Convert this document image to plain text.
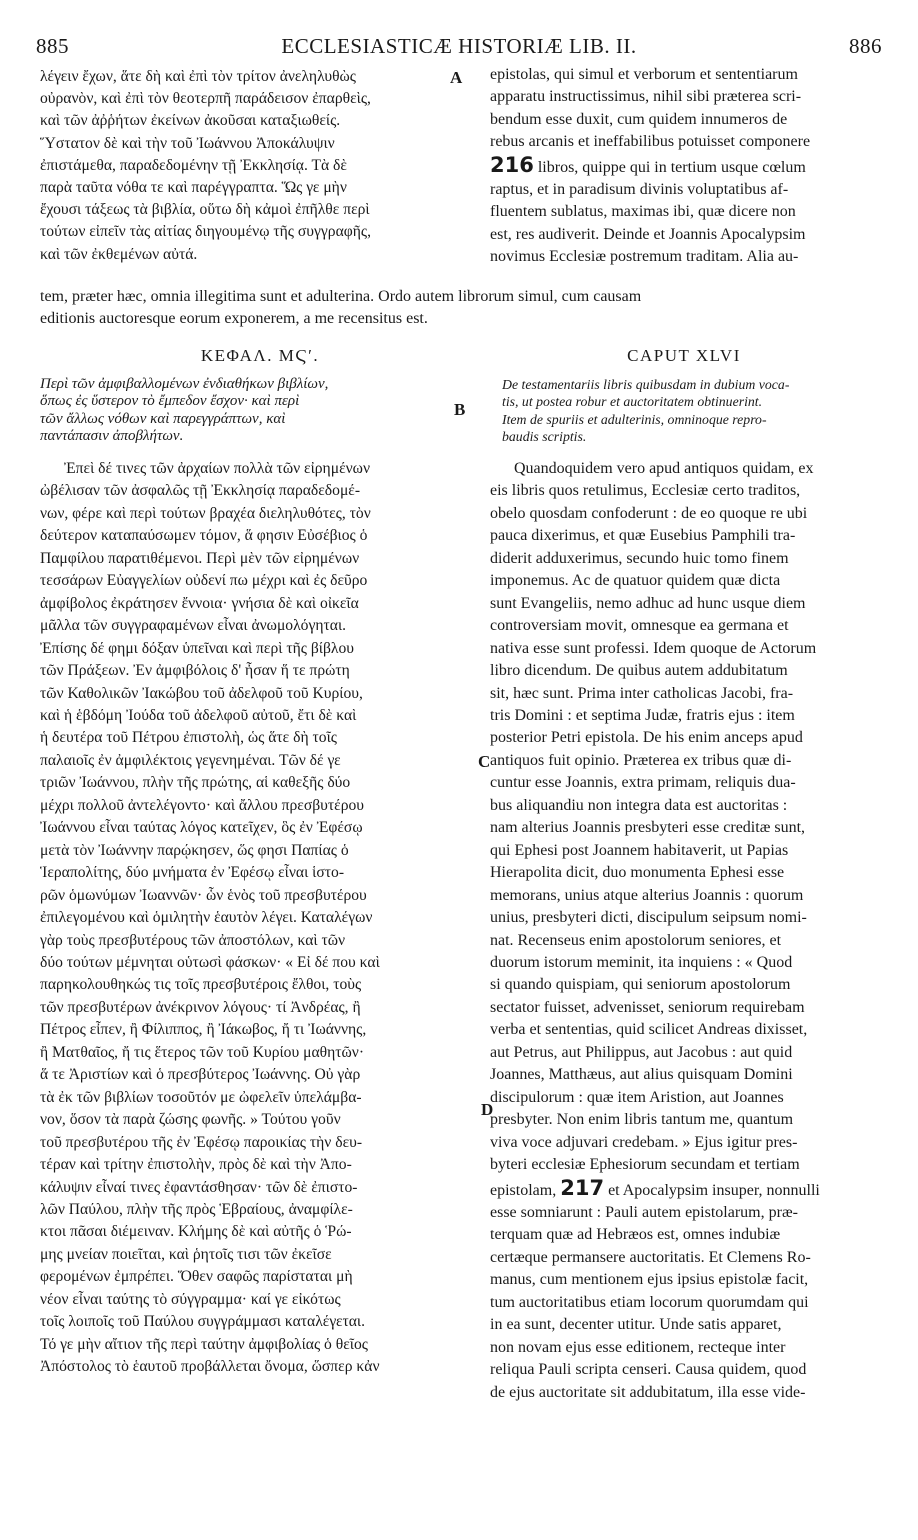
885	ECCLESIASTICÆ HISTORIÆ LIB. II.	886
λέγειν ἔχων, ἅτε δὴ καὶ ἐπὶ τὸν τρίτον ἀνεληλυθὼς
οὐρανὸν, καὶ ἐπὶ τὸν θεοτερπῆ παράδεισον ἐπαρθεὶς,
καὶ τῶν ἀῤῥήτων ἐκείνων ἀκοῦσαι καταξιωθείς.
Ὕστατον δὲ καὶ τὴν τοῦ Ἰωάννου Ἀποκάλυψιν
ἐπιστάμεθα, παραδεδομένην τῇ Ἐκκλησίᾳ. Τὰ δὲ
παρὰ ταῦτα νόθα τε καὶ παρέγγραπτα. Ὥς γε μὴν
ἔχουσι τάξεως τὰ βιβλία, οὕτω δὴ κἀμοὶ ἐπῆλθε περὶ
τούτων εἰπεῖν τὰς αἰτίας διηγουμένῳ τῆς συγγραφῆς,
καὶ τῶν ἐκθεμένων αὐτά.
epistolas, qui simul et verborum et sententiarum
apparatu instructissimus, nihil sibi præterea scri-
bendum esse duxit, cum quidem innumeros de
rebus arcanis et ineffabilibus potuisset componere
216 libros, quippe qui in tertium usque cœlum
raptus, et in paradisum divinis voluptatibus af-
fluentem sublatus, maximas ibi, quæ dicere non
est, res audiverit. Deinde et Joannis Apocalypsim
novimus Ecclesiæ postremum traditam. Alia au-
tem, præter hæc, omnia illegitima sunt et adulterina. Ordo autem librorum simul, cum causam
editionis auctoresque eorum exponerem, a me recensitus est.
A
B
C
D
ΚΕΦΑΛ. ΜϚʹ.	CAPUT XLVI
Περὶ τῶν ἀμφιβαλλομένων ἐνδιαθήκων βιβλίων,
ὅπως ἐς ὕστερον τὸ ἔμπεδον ἔσχον· καὶ περὶ
τῶν ἄλλως νόθων καὶ παρεγγράπτων, καὶ
παντάπασιν ἀποβλήτων.
De testamentariis libris quibusdam in dubium voca-
tis, ut postea robur et auctoritatem obtinuerint.
Item de spuriis et adulterinis, omninoque repro-
baudis scriptis.
Ἐπεὶ δέ τινες τῶν ἀρχαίων πολλὰ τῶν εἰρημένων
ὠβέλισαν τῶν ἀσφαλῶς τῇ Ἐκκλησίᾳ παραδεδομέ-
νων, φέρε καὶ περὶ τούτων βραχέα διεληλυθότες, τὸν
δεύτερον καταπαύσωμεν τόμον, ἅ φησιν Εὐσέβιος ὁ
Παμφίλου παρατιθέμενοι. Περὶ μὲν τῶν εἰρημένων
τεσσάρων Εὐαγγελίων οὐδενί πω μέχρι καὶ ἐς δεῦρο
ἀμφίβολος ἐκράτησεν ἔννοια· γνήσια δὲ καὶ οἰκεῖα
μᾶλλα τῶν συγγραφαμένων εἶναι ἀνωμολόγηται.
Ἐπίσης δέ φημι δόξαν ὑπεῖναι καὶ περὶ τῆς βίβλου
τῶν Πράξεων. Ἐν ἀμφιβόλοις δ' ἦσαν ἥ τε πρώτη
τῶν Καθολικῶν Ἰακώβου τοῦ ἀδελφοῦ τοῦ Κυρίου,
καὶ ἡ ἑβδόμη Ἰούδα τοῦ ἀδελφοῦ αὐτοῦ, ἔτι δὲ καὶ
ἡ δευτέρα τοῦ Πέτρου ἐπιστολὴ, ὡς ἅτε δὴ τοῖς
παλαιοῖς ἐν ἀμφιλέκτοις γεγενημέναι. Τῶν δέ γε
τριῶν Ἰωάννου, πλὴν τῆς πρώτης, αἱ καθεξῆς δύο
μέχρι πολλοῦ ἀντελέγοντο· καὶ ἄλλου πρεσβυτέρου
Ἰωάννου εἶναι ταύτας λόγος κατεῖχεν, ὃς ἐν Ἐφέσῳ
μετὰ τὸν Ἰωάννην παρῴκησεν, ὥς φησι Παπίας ὁ
Ἱεραπολίτης, δύο μνήματα ἐν Ἐφέσῳ εἶναι ἱστο-
ρῶν ὁμωνύμων Ἰωαννῶν· ὧν ἑνὸς τοῦ πρεσβυτέρου
ἐπιλεγομένου καὶ ὁμιλητὴν ἑαυτὸν λέγει. Καταλέγων
γὰρ τοὺς πρεσβυτέρους τῶν ἀποστόλων, καὶ τῶν
δύο τούτων μέμνηται οὑτωσὶ φάσκων· « Εἰ δέ που καὶ
παρηκολουθηκώς τις τοῖς πρεσβυτέροις ἔλθοι, τοὺς
τῶν πρεσβυτέρων ἀνέκρινον λόγους· τί Ἀνδρέας, ἢ
Πέτρος εἶπεν, ἢ Φίλιππος, ἢ Ἰάκωβος, ἤ τι Ἰωάννης,
ἢ Ματθαῖος, ἤ τις ἕτερος τῶν τοῦ Κυρίου μαθητῶν·
ἅ τε Ἀριστίων καὶ ὁ πρεσβύτερος Ἰωάννης. Οὐ γὰρ
τὰ ἐκ τῶν βιβλίων τοσοῦτόν με ὠφελεῖν ὑπελάμβα-
νον, ὅσον τὰ παρὰ ζώσης φωνῆς. » Τούτου γοῦν
τοῦ πρεσβυτέρου τῆς ἐν Ἐφέσῳ παροικίας τὴν δευ-
τέραν καὶ τρίτην ἐπιστολὴν, πρὸς δὲ καὶ τὴν Ἀπο-
κάλυψιν εἶναί τινες ἐφαντάσθησαν· τῶν δὲ ἐπιστο-
λῶν Παύλου, πλὴν τῆς πρὸς Ἑβραίους, ἀναμφίλε-
κτοι πᾶσαι διέμειναν. Κλήμης δὲ καὶ αὐτῆς ὁ Ῥώ-
μης μνείαν ποιεῖται, καὶ ῥητοῖς τισι τῶν ἐκεῖσε
φερομένων ἐμπρέπει. Ὅθεν σαφῶς παρίσταται μὴ
νέον εἶναι ταύτης τὸ σύγγραμμα· καί γε εἰκότως
τοῖς λοιποῖς τοῦ Παύλου συγγράμμασι καταλέγεται.
Τό γε μὴν αἴτιον τῆς περὶ ταύτην ἀμφιβολίας ὁ θεῖος
Ἀπόστολος τὸ ἑαυτοῦ προβάλλεται ὄνομα, ὥσπερ κἀν
Quandoquidem vero apud antiquos quidam, ex
eis libris quos retulimus, Ecclesiæ certo traditos,
obelo quosdam confoderunt : de eo quoque re ubi
pauca dixerimus, et quæ Eusebius Pamphili tra-
diderit adduxerimus, secundo huic tomo finem
imponemus. Ac de quatuor quidem quæ dicta
sunt Evangeliis, nemo adhuc ad hunc usque diem
controversiam movit, omnesque ea germana et
nativa esse sunt professi. Idem quoque de Actorum
libro dicendum. De quibus autem addubitatum
sit, hæc sunt. Prima inter catholicas Jacobi, fra-
tris Domini : et septima Judæ, fratris ejus : item
posterior Petri epistola. De his enim anceps apud
antiquos fuit opinio. Præterea ex tribus quæ di-
cuntur esse Joannis, extra primam, reliquis dua-
bus aliquandiu non integra data est auctoritas :
nam alterius Joannis presbyteri esse creditæ sunt,
qui Ephesi post Joannem habitaverit, ut Papias
Hierapolita dicit, duo monumenta Ephesi esse
memorans, unius atque alterius Joannis : quorum
unius, presbyteri dicti, discipulum seipsum nomi-
nat. Recenseus enim apostolorum seniores, et
duorum istorum meminit, ita inquiens : « Quod
si quando quispiam, qui seniorum apostolorum
sectator fuisset, advenisset, seniorum requirebam
verba et sententias, quid scilicet Andreas dixisset,
aut Petrus, aut Philippus, aut Jacobus : aut quid
Joannes, Matthæus, aut alius quisquam Domini
discipulorum : quæ item Aristion, aut Joannes
presbyter. Non enim libris tantum me, quantum
viva voce adjuvari credebam. » Ejus igitur pres-
byteri ecclesiæ Ephesiorum secundam et tertiam
epistolam, 217 et Apocalypsim insuper, nonnulli
esse somniarunt : Pauli autem epistolarum, præ-
terquam quæ ad Hebræos est, omnes indubiæ
certæque permansere auctoritatis. Et Clemens Ro-
manus, cum mentionem ejus ipsius epistolæ facit,
tum auctoritatibus etiam locorum quorumdam qui
in ea sunt, decenter utitur. Unde satis apparet,
non novam ejus esse editionem, recteque inter
reliqua Pauli scripta censeri. Causa quidem, quod
de ejus auctoritate sit addubitatum, illa esse vide-
